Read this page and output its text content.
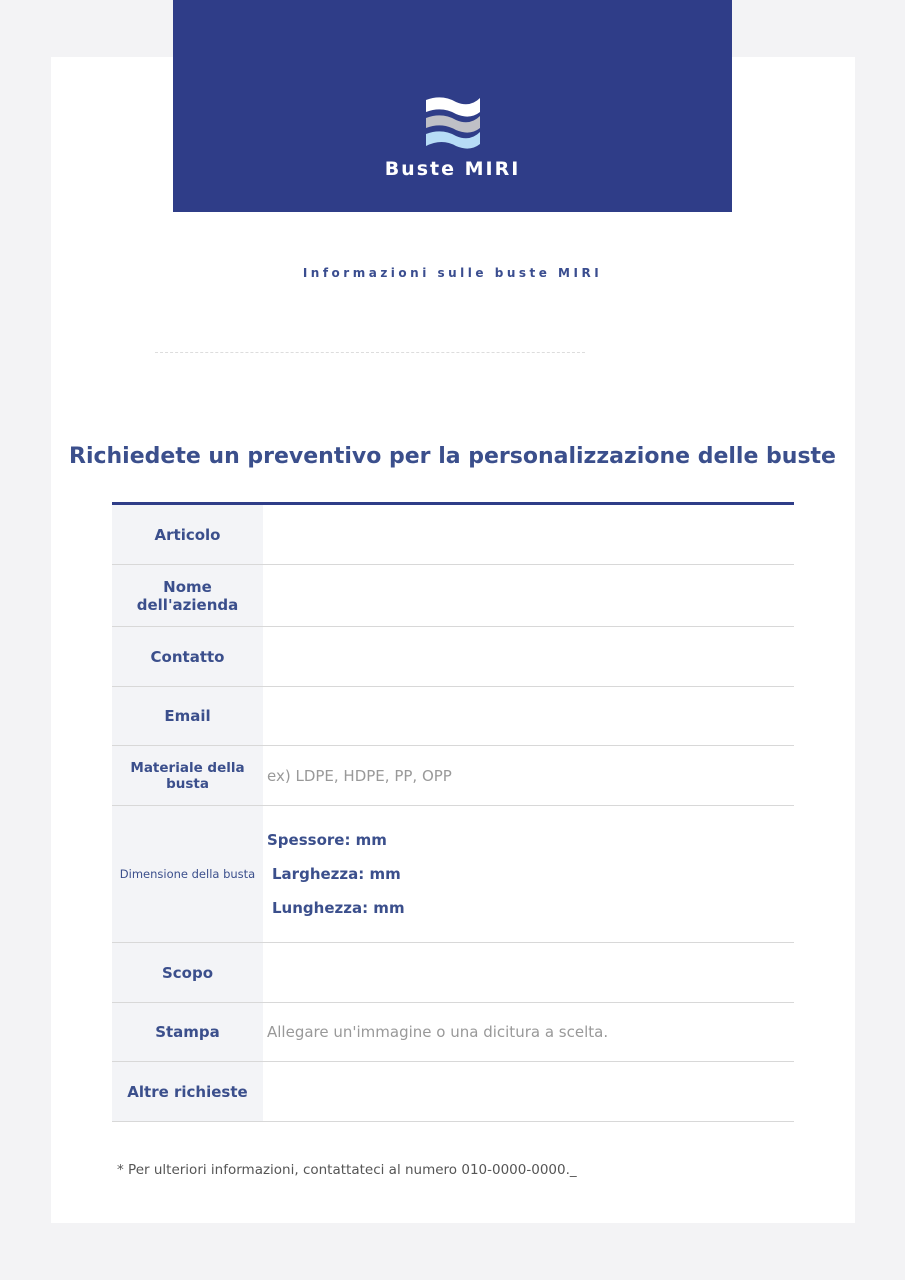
Buste MIRI
Informazioni sulle buste MIRI
Richiedete un preventivo per la personalizzazione delle buste
Articolo	
Nome dell'azienda	
Contatto	
Email	
Materiale della busta	ex) LDPE, HDPE, PP, OPP
Dimensione della busta	Spessore: mm
Larghezza: mm
Lunghezza: mm

Scopo	
Stampa	Allegare un'immagine o una dicitura a scelta.
Altre richieste	
* Per ulteriori informazioni, contattateci al numero 010-0000-0000._
